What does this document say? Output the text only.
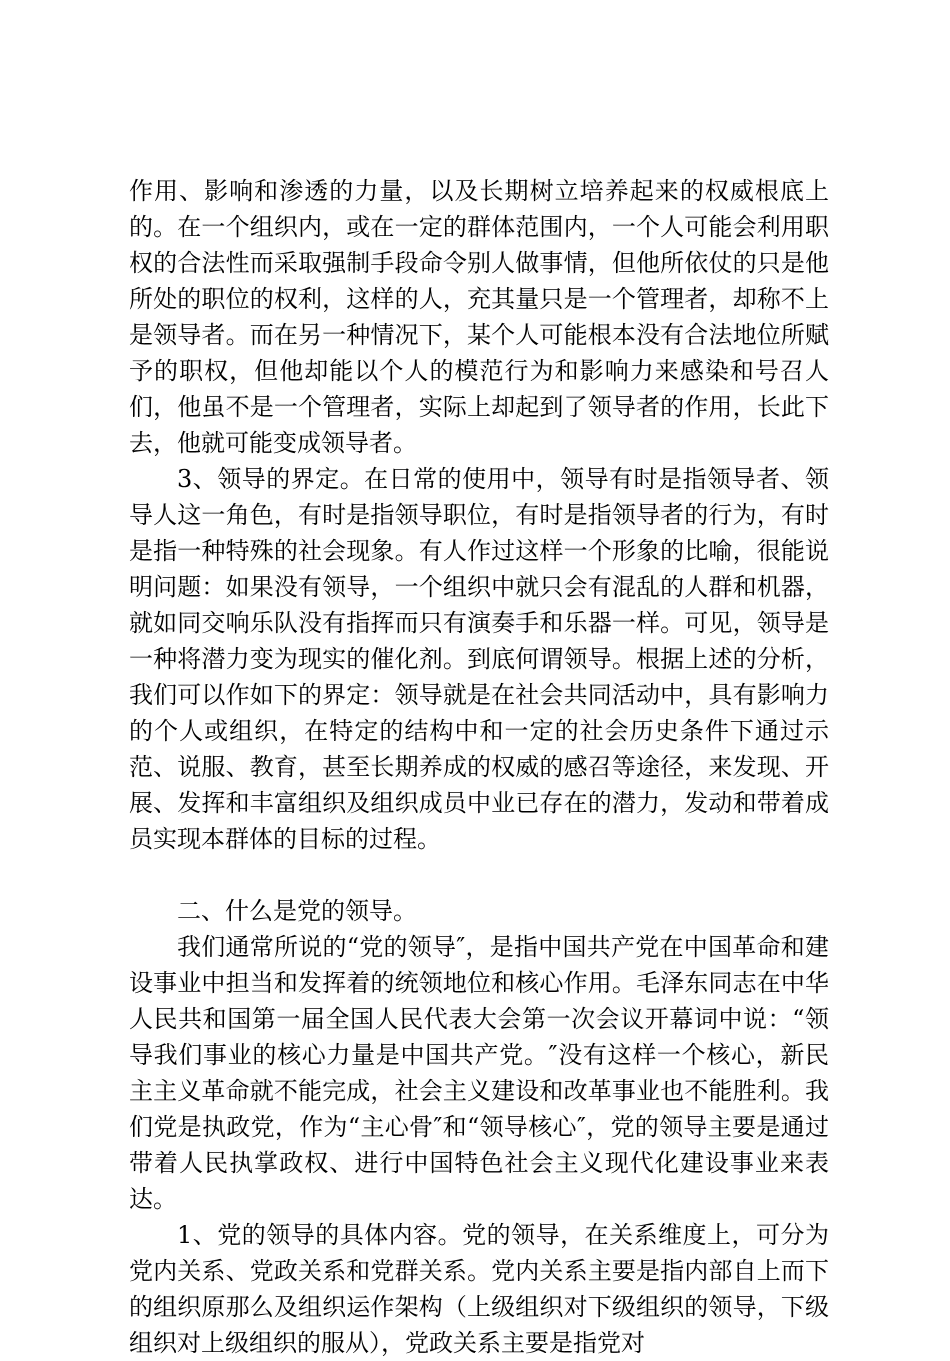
作用、影响和渗透的力量，以及长期树立培养起来的权威根底上的。在一个组织内，或在一定的群体范围内，一个人可能会利用职权的合法性而采取强制手段命令别人做事情，但他所依仗的只是他所处的职位的权利，这样的人，充其量只是一个管理者，却称不上是领导者。而在另一种情况下，某个人可能根本没有合法地位所赋予的职权，但他却能以个人的模范行为和影响力来感染和号召人们，他虽不是一个管理者，实际上却起到了领导者的作用，长此下去，他就可能变成领导者。

3、领导的界定。在日常的使用中，领导有时是指领导者、领导人这一角色，有时是指领导职位，有时是指领导者的行为，有时是指一种特殊的社会现象。有人作过这样一个形象的比喻，很能说明问题：如果没有领导，一个组织中就只会有混乱的人群和机器，就如同交响乐队没有指挥而只有演奏手和乐器一样。可见，领导是一种将潜力变为现实的催化剂。到底何谓领导。根据上述的分析，我们可以作如下的界定：领导就是在社会共同活动中，具有影响力的个人或组织，在特定的结构中和一定的社会历史条件下通过示范、说服、教育，甚至长期养成的权威的感召等途径，来发现、开展、发挥和丰富组织及组织成员中业已存在的潜力，发动和带着成员实现本群体的目标的过程。

二、什么是党的领导。

我们通常所说的“党的领导″，是指中国共产党在中国革命和建设事业中担当和发挥着的统领地位和核心作用。毛泽东同志在中华人民共和国第一届全国人民代表大会第一次会议开幕词中说：“领导我们事业的核心力量是中国共产党。″没有这样一个核心，新民主主义革命就不能完成，社会主义建设和改革事业也不能胜利。我们党是执政党，作为“主心骨″和“领导核心″，党的领导主要是通过带着人民执掌政权、进行中国特色社会主义现代化建设事业来表达。

1、党的领导的具体内容。党的领导，在关系维度上，可分为党内关系、党政关系和党群关系。党内关系主要是指内部自上而下的组织原那么及组织运作架构（上级组织对下级组织的领导，下级组织对上级组织的服从），党政关系主要是指党对
